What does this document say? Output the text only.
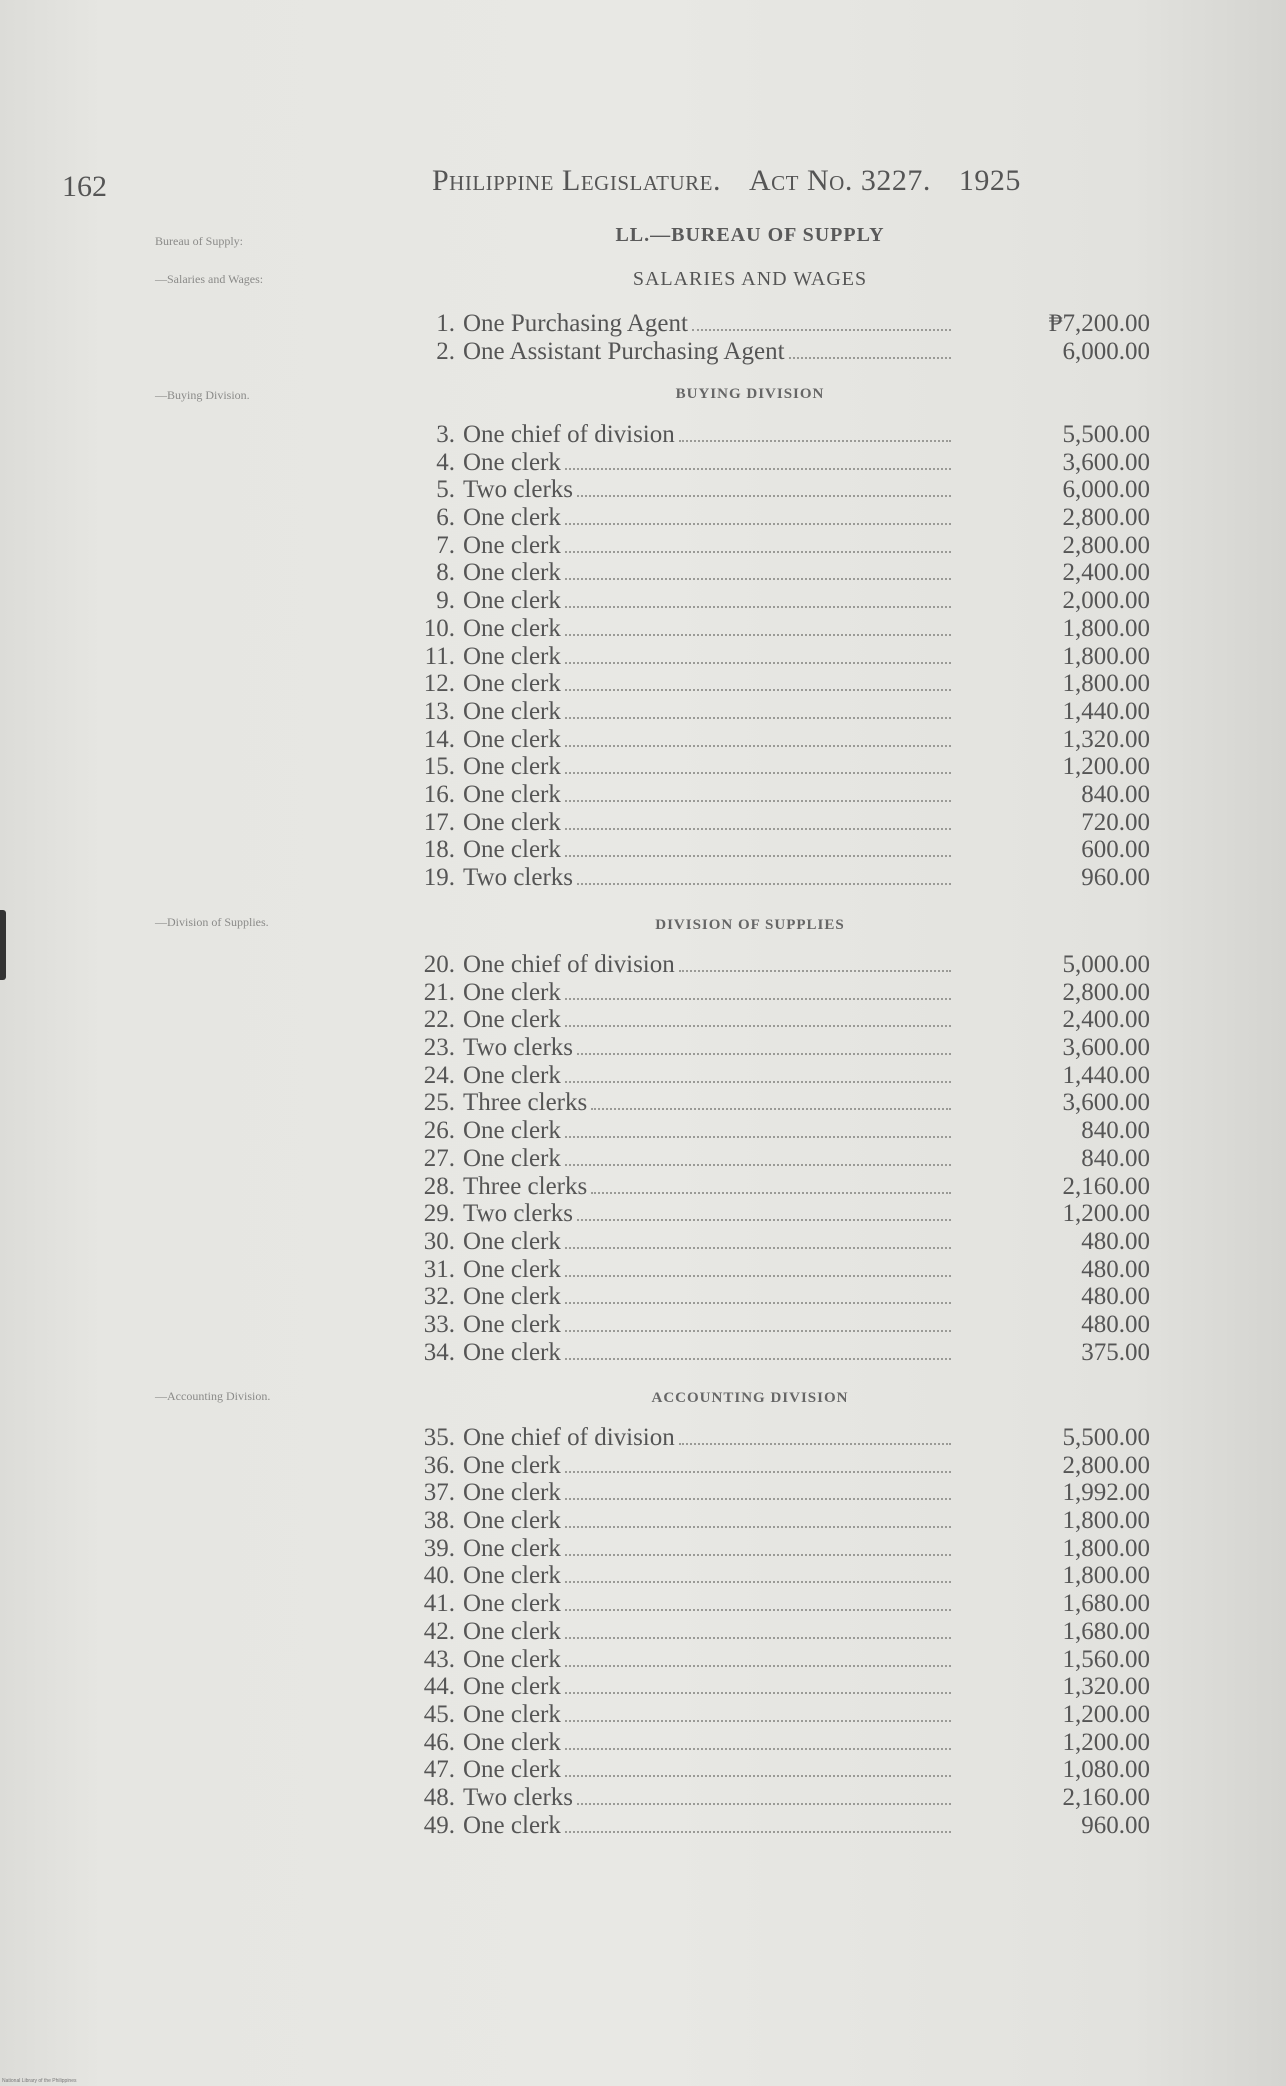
162	Philippine Legislature. Act No. 3227. 1925
Bureau of Supply:
—Salaries and Wages:
—Buying Division.
—Division of Supplies.
—Accounting Division.
LL.—BUREAU OF SUPPLY
SALARIES AND WAGES
1. One Purchasing Agent	₱7,200.00
2. One Assistant Purchasing Agent	6,000.00
BUYING DIVISION
3. One chief of division	5,500.00
4. One clerk	3,600.00
5. Two clerks	6,000.00
6. One clerk	2,800.00
7. One clerk	2,800.00
8. One clerk	2,400.00
9. One clerk	2,000.00
10. One clerk	1,800.00
11. One clerk	1,800.00
12. One clerk	1,800.00
13. One clerk	1,440.00
14. One clerk	1,320.00
15. One clerk	1,200.00
16. One clerk	840.00
17. One clerk	720.00
18. One clerk	600.00
19. Two clerks	960.00
DIVISION OF SUPPLIES
20. One chief of division	5,000.00
21. One clerk	2,800.00
22. One clerk	2,400.00
23. Two clerks	3,600.00
24. One clerk	1,440.00
25. Three clerks	3,600.00
26. One clerk	840.00
27. One clerk	840.00
28. Three clerks	2,160.00
29. Two clerks	1,200.00
30. One clerk	480.00
31. One clerk	480.00
32. One clerk	480.00
33. One clerk	480.00
34. One clerk	375.00
ACCOUNTING DIVISION
35. One chief of division	5,500.00
36. One clerk	2,800.00
37. One clerk	1,992.00
38. One clerk	1,800.00
39. One clerk	1,800.00
40. One clerk	1,800.00
41. One clerk	1,680.00
42. One clerk	1,680.00
43. One clerk	1,560.00
44. One clerk	1,320.00
45. One clerk	1,200.00
46. One clerk	1,200.00
47. One clerk	1,080.00
48. Two clerks	2,160.00
49. One clerk	960.00
National Library of the Philippines
